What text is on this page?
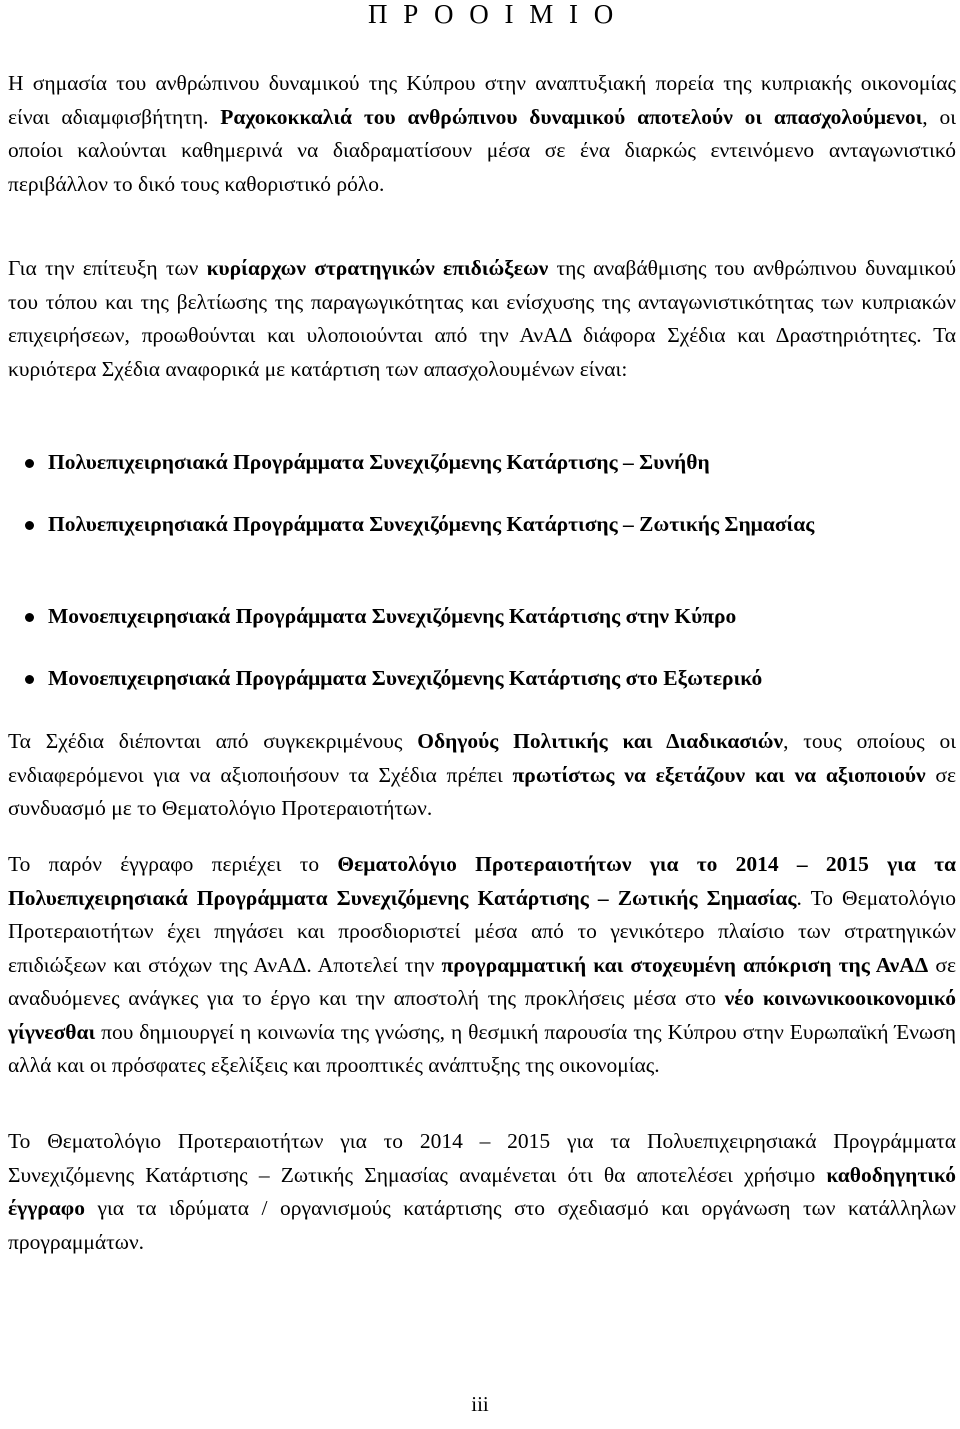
Π Ρ Ο Ο Ι Μ Ι Ο

Η σημασία του ανθρώπινου δυναμικού της Κύπρου στην αναπτυξιακή πορεία της κυπριακής οικονομίας είναι αδιαμφισβήτητη. Ραχοκοκκαλιά του ανθρώπινου δυναμικού αποτελούν οι απασχολούμενοι, οι οποίοι καλούνται καθημερινά να διαδραματίσουν μέσα σε ένα διαρκώς εντεινόμενο ανταγωνιστικό περιβάλλον το δικό τους καθοριστικό ρόλο.

Για την επίτευξη των κυρίαρχων στρατηγικών επιδιώξεων της αναβάθμισης του ανθρώπινου δυναμικού του τόπου και της βελτίωσης της παραγωγικότητας και ενίσχυσης της ανταγωνιστικότητας των κυπριακών επιχειρήσεων, προωθούνται και υλοποιούνται από την ΑνΑΔ διάφορα Σχέδια και Δραστηριότητες. Τα κυριότερα Σχέδια αναφορικά με κατάρτιση των απασχολουμένων είναι:

Πολυεπιχειρησιακά Προγράμματα Συνεχιζόμενης Κατάρτισης – Συνήθη
Πολυεπιχειρησιακά Προγράμματα Συνεχιζόμενης Κατάρτισης – Ζωτικής Σημασίας
Μονοεπιχειρησιακά Προγράμματα Συνεχιζόμενης Κατάρτισης στην Κύπρο
Μονοεπιχειρησιακά Προγράμματα Συνεχιζόμενης Κατάρτισης στο Εξωτερικό

Τα Σχέδια διέπονται από συγκεκριμένους Οδηγούς Πολιτικής και Διαδικασιών, τους οποίους οι ενδιαφερόμενοι για να αξιοποιήσουν τα Σχέδια πρέπει πρωτίστως να εξετάζουν και να αξιοποιούν σε συνδυασμό με το Θεματολόγιο Προτεραιοτήτων.

Το παρόν έγγραφο περιέχει το Θεματολόγιο Προτεραιοτήτων για το 2014 – 2015 για τα Πολυεπιχειρησιακά Προγράμματα Συνεχιζόμενης Κατάρτισης – Ζωτικής Σημασίας. Το Θεματολόγιο Προτεραιοτήτων έχει πηγάσει και προσδιοριστεί μέσα από το γενικότερο πλαίσιο των στρατηγικών επιδιώξεων και στόχων της ΑνΑΔ. Αποτελεί την προγραμματική και στοχευμένη απόκριση της ΑνΑΔ σε αναδυόμενες ανάγκες για το έργο και την αποστολή της προκλήσεις μέσα στο νέο κοινωνικοοικονομικό γίγνεσθαι που δημιουργεί η κοινωνία της γνώσης, η θεσμική παρουσία της Κύπρου στην Ευρωπαϊκή Ένωση αλλά και οι πρόσφατες εξελίξεις και προοπτικές ανάπτυξης της οικονομίας.

Το Θεματολόγιο Προτεραιοτήτων για το 2014 – 2015 για τα Πολυεπιχειρησιακά Προγράμματα Συνεχιζόμενης Κατάρτισης – Ζωτικής Σημασίας αναμένεται ότι θα αποτελέσει χρήσιμο καθοδηγητικό έγγραφο για τα ιδρύματα / οργανισμούς κατάρτισης στο σχεδιασμό και οργάνωση των κατάλληλων προγραμμάτων.

iii
